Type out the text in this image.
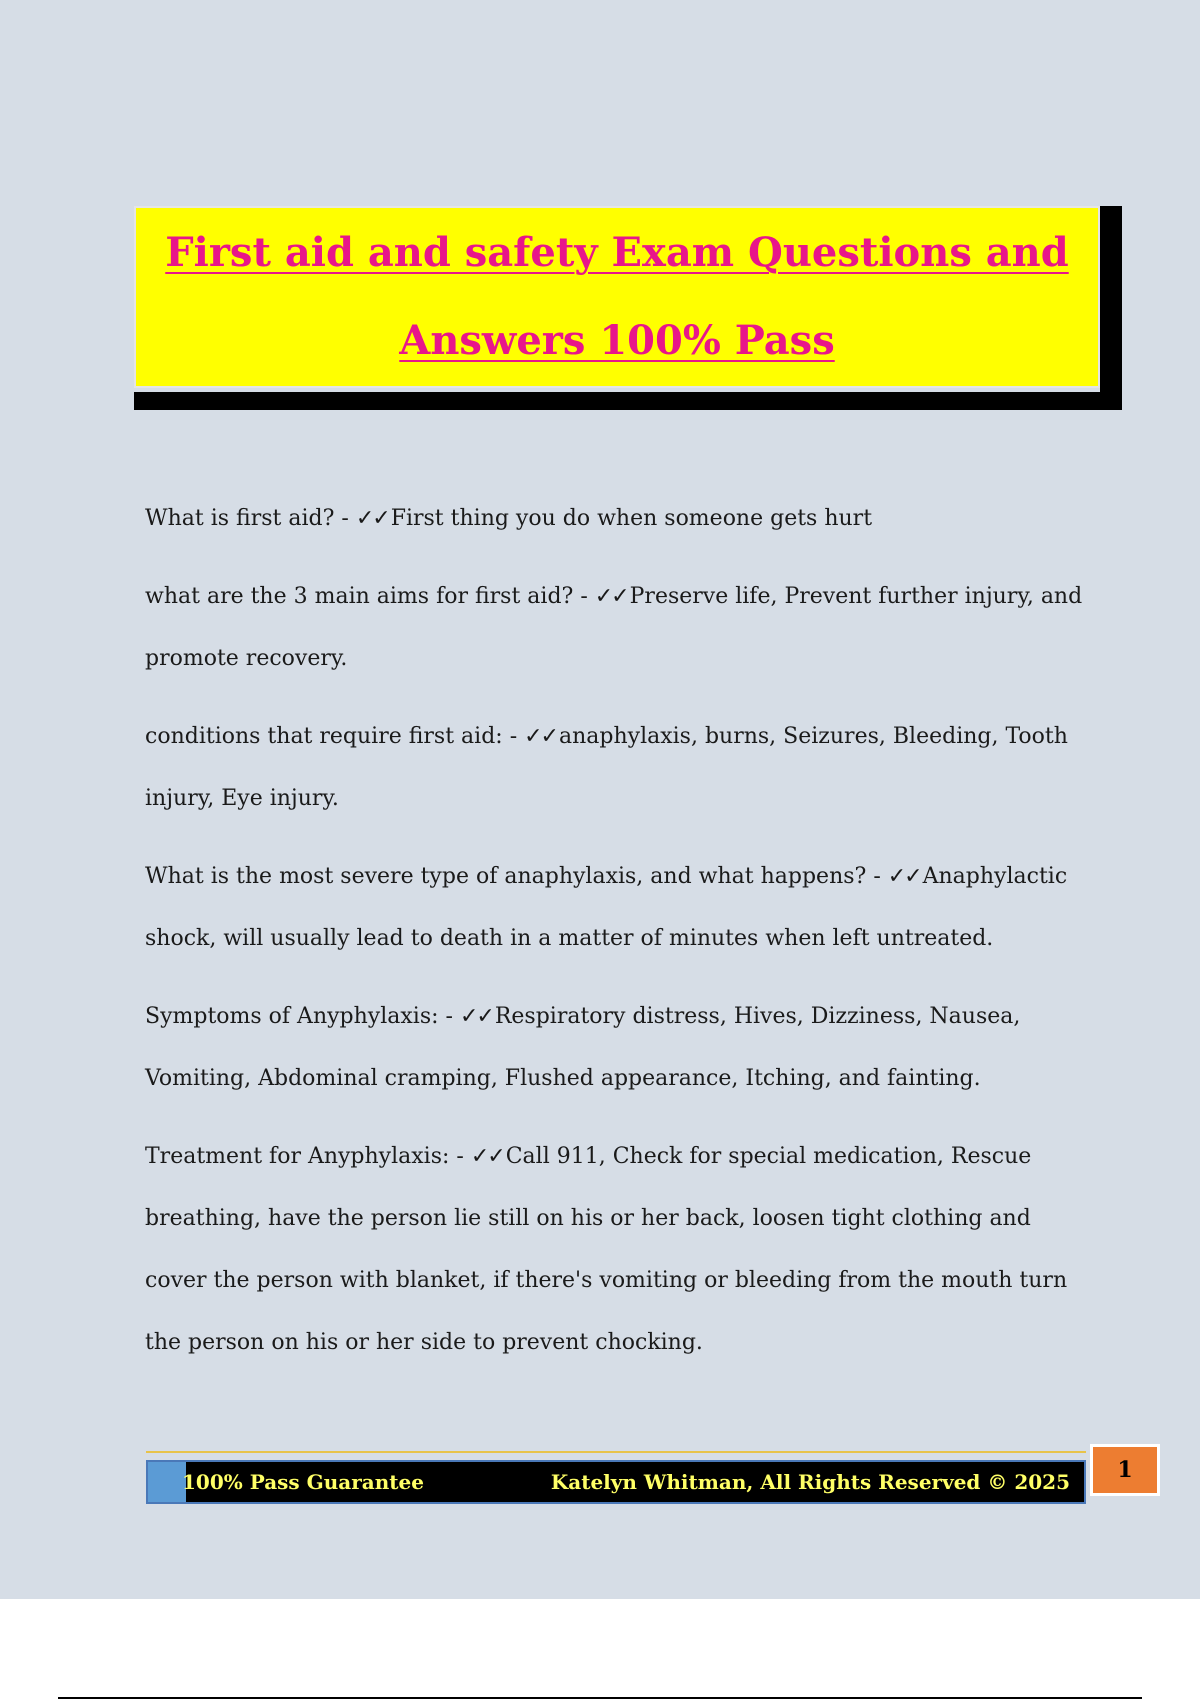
First aid and safety Exam Questions and
Answers 100% Pass

What is first aid? - ✓✓First thing you do when someone gets hurt

what are the 3 main aims for first aid? - ✓✓Preserve life, Prevent further injury, and promote recovery.

conditions that require first aid: - ✓✓anaphylaxis, burns, Seizures, Bleeding, Tooth injury, Eye injury.

What is the most severe type of anaphylaxis, and what happens? - ✓✓Anaphylactic shock, will usually lead to death in a matter of minutes when left untreated.

Symptoms of Anyphylaxis: - ✓✓Respiratory distress, Hives, Dizziness, Nausea, Vomiting, Abdominal cramping, Flushed appearance, Itching, and fainting.

Treatment for Anyphylaxis: - ✓✓Call 911, Check for special medication, Rescue breathing, have the person lie still on his or her back, loosen tight clothing and cover the person with blanket, if there's vomiting or bleeding from the mouth turn the person on his or her side to prevent chocking.

100% Pass Guarantee	Katelyn Whitman, All Rights Reserved © 2025	1
